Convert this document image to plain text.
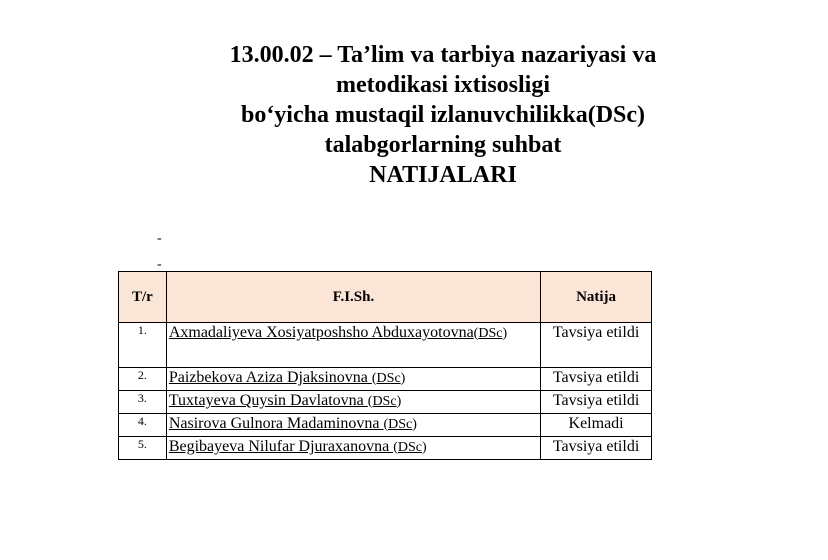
13.00.02 – Ta’lim va tarbiya nazariyasi va
metodikasi ixtisosligi
bo‘yicha mustaqil izlanuvchilikka(DSc)
talabgorlarning suhbat
NATIJALARI
-
-
T/r	F.I.Sh.	Natija
1.	Axmadaliyeva Xosiyatposhsho Abduxayotovna(DSc)	Tavsiya etildi
2.	Paizbekova Aziza Djaksinovna (DSc)	Tavsiya etildi
3.	Tuxtayeva Quysin Davlatovna (DSc)	Tavsiya etildi
4.	Nasirova Gulnora Madaminovna (DSc)	Kelmadi
5.	Begibayeva Nilufar Djuraxanovna (DSc)	Tavsiya etildi
